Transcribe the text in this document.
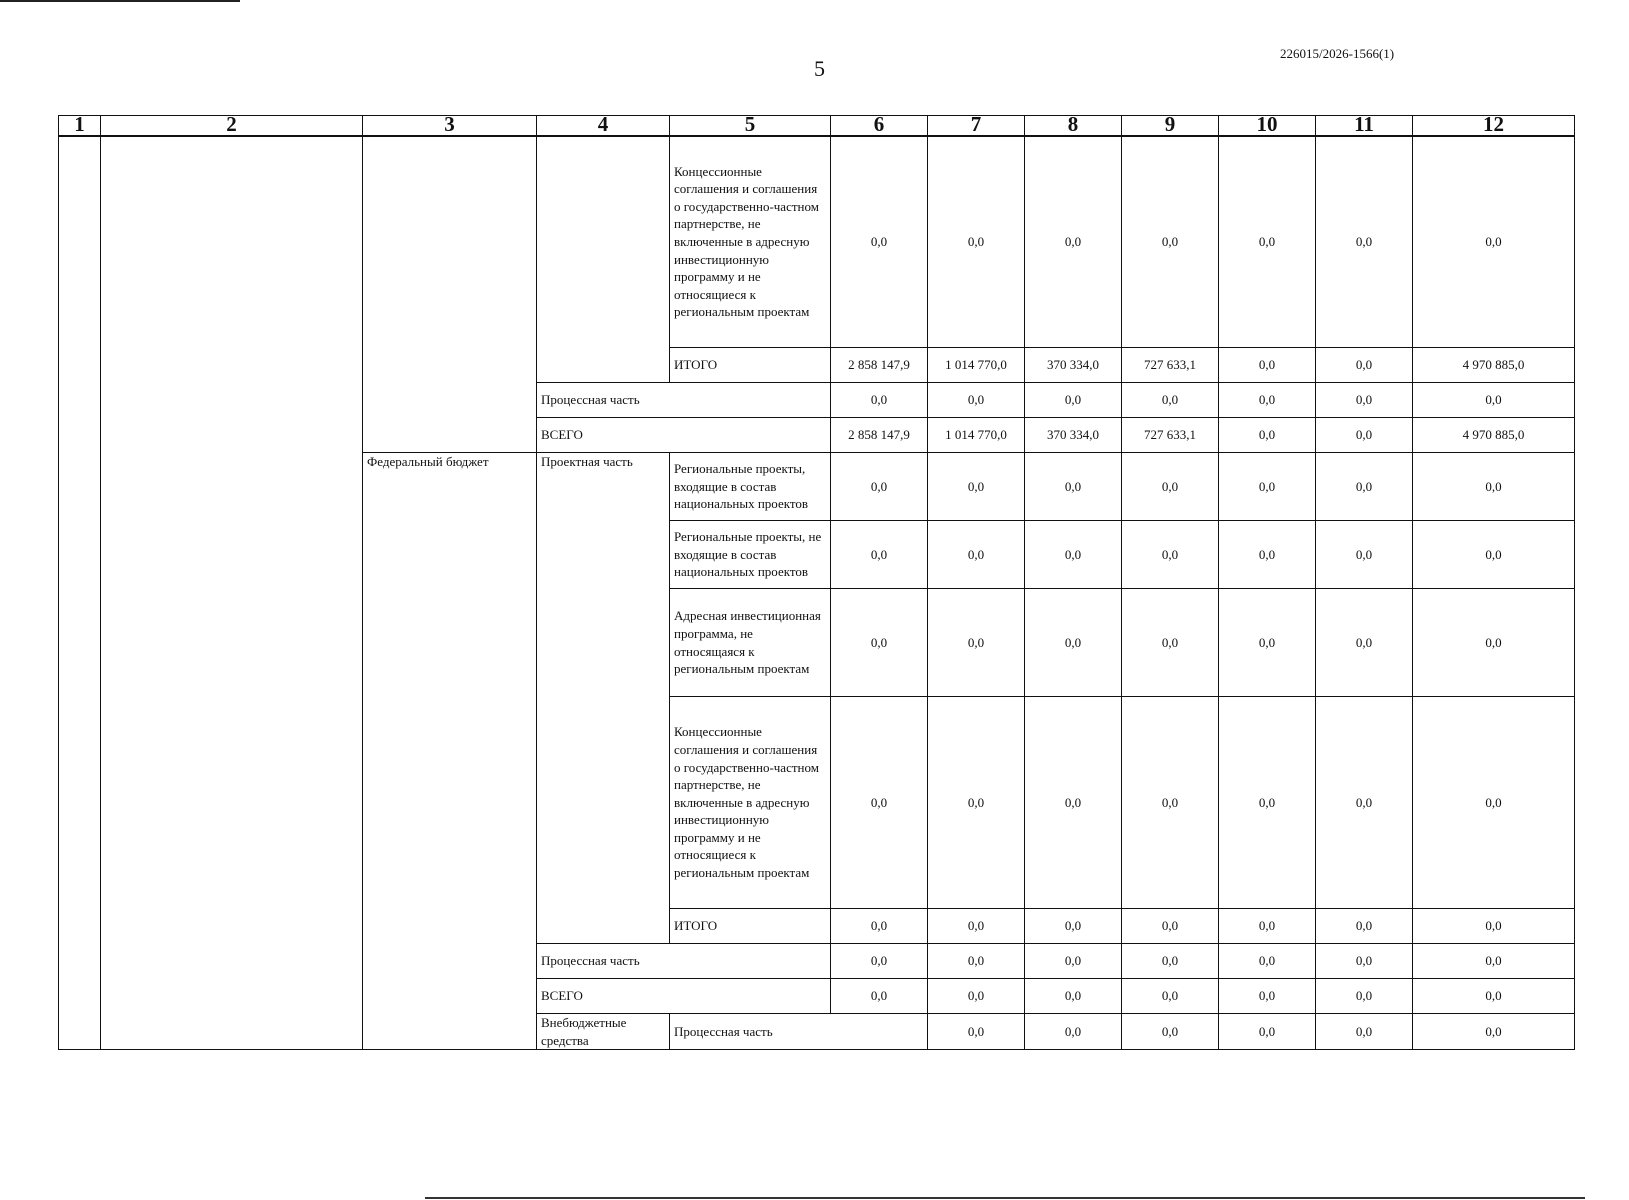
5
226015/2026-1566(1)
1	2	3	4	5	6	7	8	9	10	11	12	
				Концессионные соглашения и соглашения о государственно-частном партнерстве, не включенные в адресную инвестиционную программу и не относящиеся к региональным проектам	0,0	0,0	0,0	0,0	0,0	0,0	0,0	
				ИТОГО	2 858 147,9	1 014 770,0	370 334,0	727 633,1	0,0	0,0	4 970 885,0	
			Процессная часть		0,0	0,0	0,0	0,0	0,0	0,0	0,0	
			ВСЕГО		2 858 147,9	1 014 770,0	370 334,0	727 633,1	0,0	0,0	4 970 885,0	
		Федеральный бюджет	Проектная часть	Региональные проекты, входящие в состав национальных проектов	0,0	0,0	0,0	0,0	0,0	0,0	0,0	
				Региональные проекты, не входящие в состав национальных проектов	0,0	0,0	0,0	0,0	0,0	0,0	0,0	
				Адресная инвестиционная программа, не относящаяся к региональным проектам	0,0	0,0	0,0	0,0	0,0	0,0	0,0	
				Концессионные соглашения и соглашения о государственно-частном партнерстве, не включенные в адресную инвестиционную программу и не относящиеся к региональным проектам	0,0	0,0	0,0	0,0	0,0	0,0	0,0	
				ИТОГО	0,0	0,0	0,0	0,0	0,0	0,0	0,0	
			Процессная часть		0,0	0,0	0,0	0,0	0,0	0,0	0,0	
			ВСЕГО		0,0	0,0	0,0	0,0	0,0	0,0	0,0	
			Внебюджетные средства	Процессная часть		0,0	0,0	0,0	0,0	0,0	0,0	
